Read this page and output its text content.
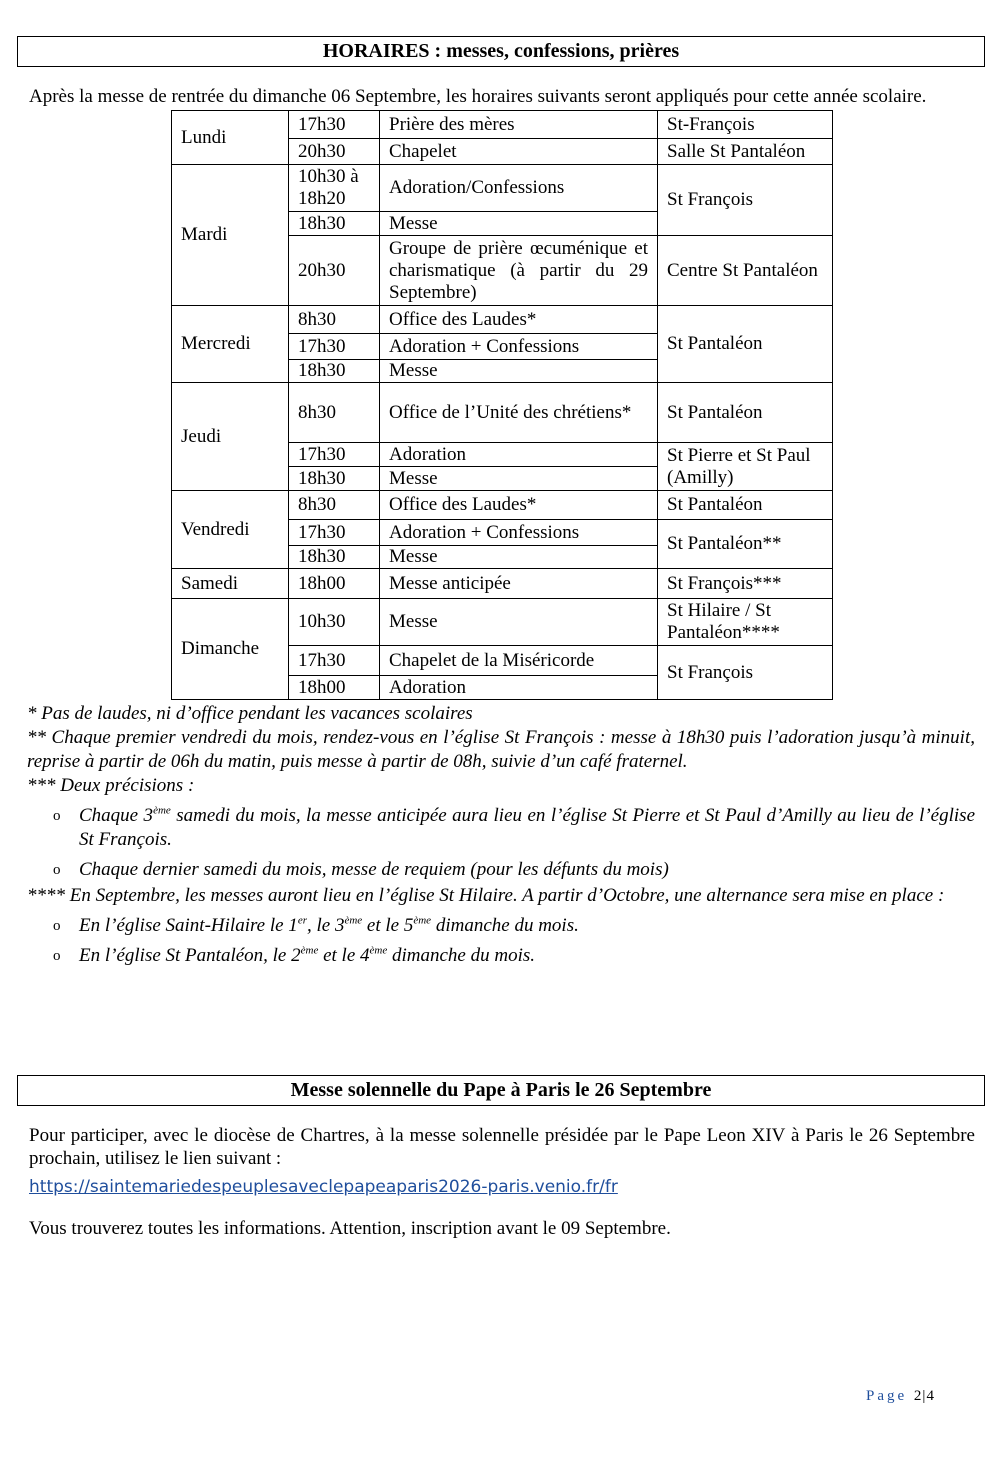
HORAIRES : messes, confessions, prières
Après la messe de rentrée du dimanche 06 Septembre, les horaires suivants seront appliqués pour cette année scolaire.
Lundi	17h30	Prière des mères	St-François
	20h30	Chapelet	Salle St Pantaléon
Mardi	10h30 à 18h20	Adoration/Confessions	St François
	18h30	Messe	
	20h30	Groupe de prière œcuménique et charismatique (à partir du 29 Septembre)	Centre St Pantaléon
Mercredi	8h30	Office des Laudes*	St Pantaléon
	17h30	Adoration + Confessions	
	18h30	Messe	
Jeudi	8h30	Office de l’Unité des chrétiens*	St Pantaléon
	17h30	Adoration	St Pierre et St Paul (Amilly)
	18h30	Messe	
Vendredi	8h30	Office des Laudes*	St Pantaléon
	17h30	Adoration + Confessions	St Pantaléon**
	18h30	Messe	
Samedi	18h00	Messe anticipée	St François***
Dimanche	10h30	Messe	St Hilaire / St Pantaléon****
	17h30	Chapelet de la Miséricorde	St François
	18h00	Adoration	

* Pas de laudes, ni d’office pendant les vacances scolaires

** Chaque premier vendredi du mois, rendez-vous en l’église St François : messe à 18h30 puis l’adoration jusqu’à minuit, reprise à partir de 06h du matin, puis messe à partir de 08h, suivie d’un café fraternel.

*** Deux précisions :

o Chaque 3ème samedi du mois, la messe anticipée aura lieu en l’église St Pierre et St Paul d’Amilly au lieu de l’église St François.
o Chaque dernier samedi du mois, messe de requiem (pour les défunts du mois)

**** En Septembre, les messes auront lieu en l’église St Hilaire. A partir d’Octobre, une alternance sera mise en place :

o En l’église Saint-Hilaire le 1er, le 3ème et le 5ème dimanche du mois.
o En l’église St Pantaléon, le 2ème et le 4ème dimanche du mois.
Messe solennelle du Pape à Paris le 26 Septembre
Pour participer, avec le diocèse de Chartres, à la messe solennelle présidée par le Pape Leon XIV à Paris le 26 Septembre prochain, utilisez le lien suivant :
https://saintemariedespeuplesaveclepapeaparis2026-paris.venio.fr/fr
Vous trouverez toutes les informations. Attention, inscription avant le 09 Septembre.
Page 2|4
